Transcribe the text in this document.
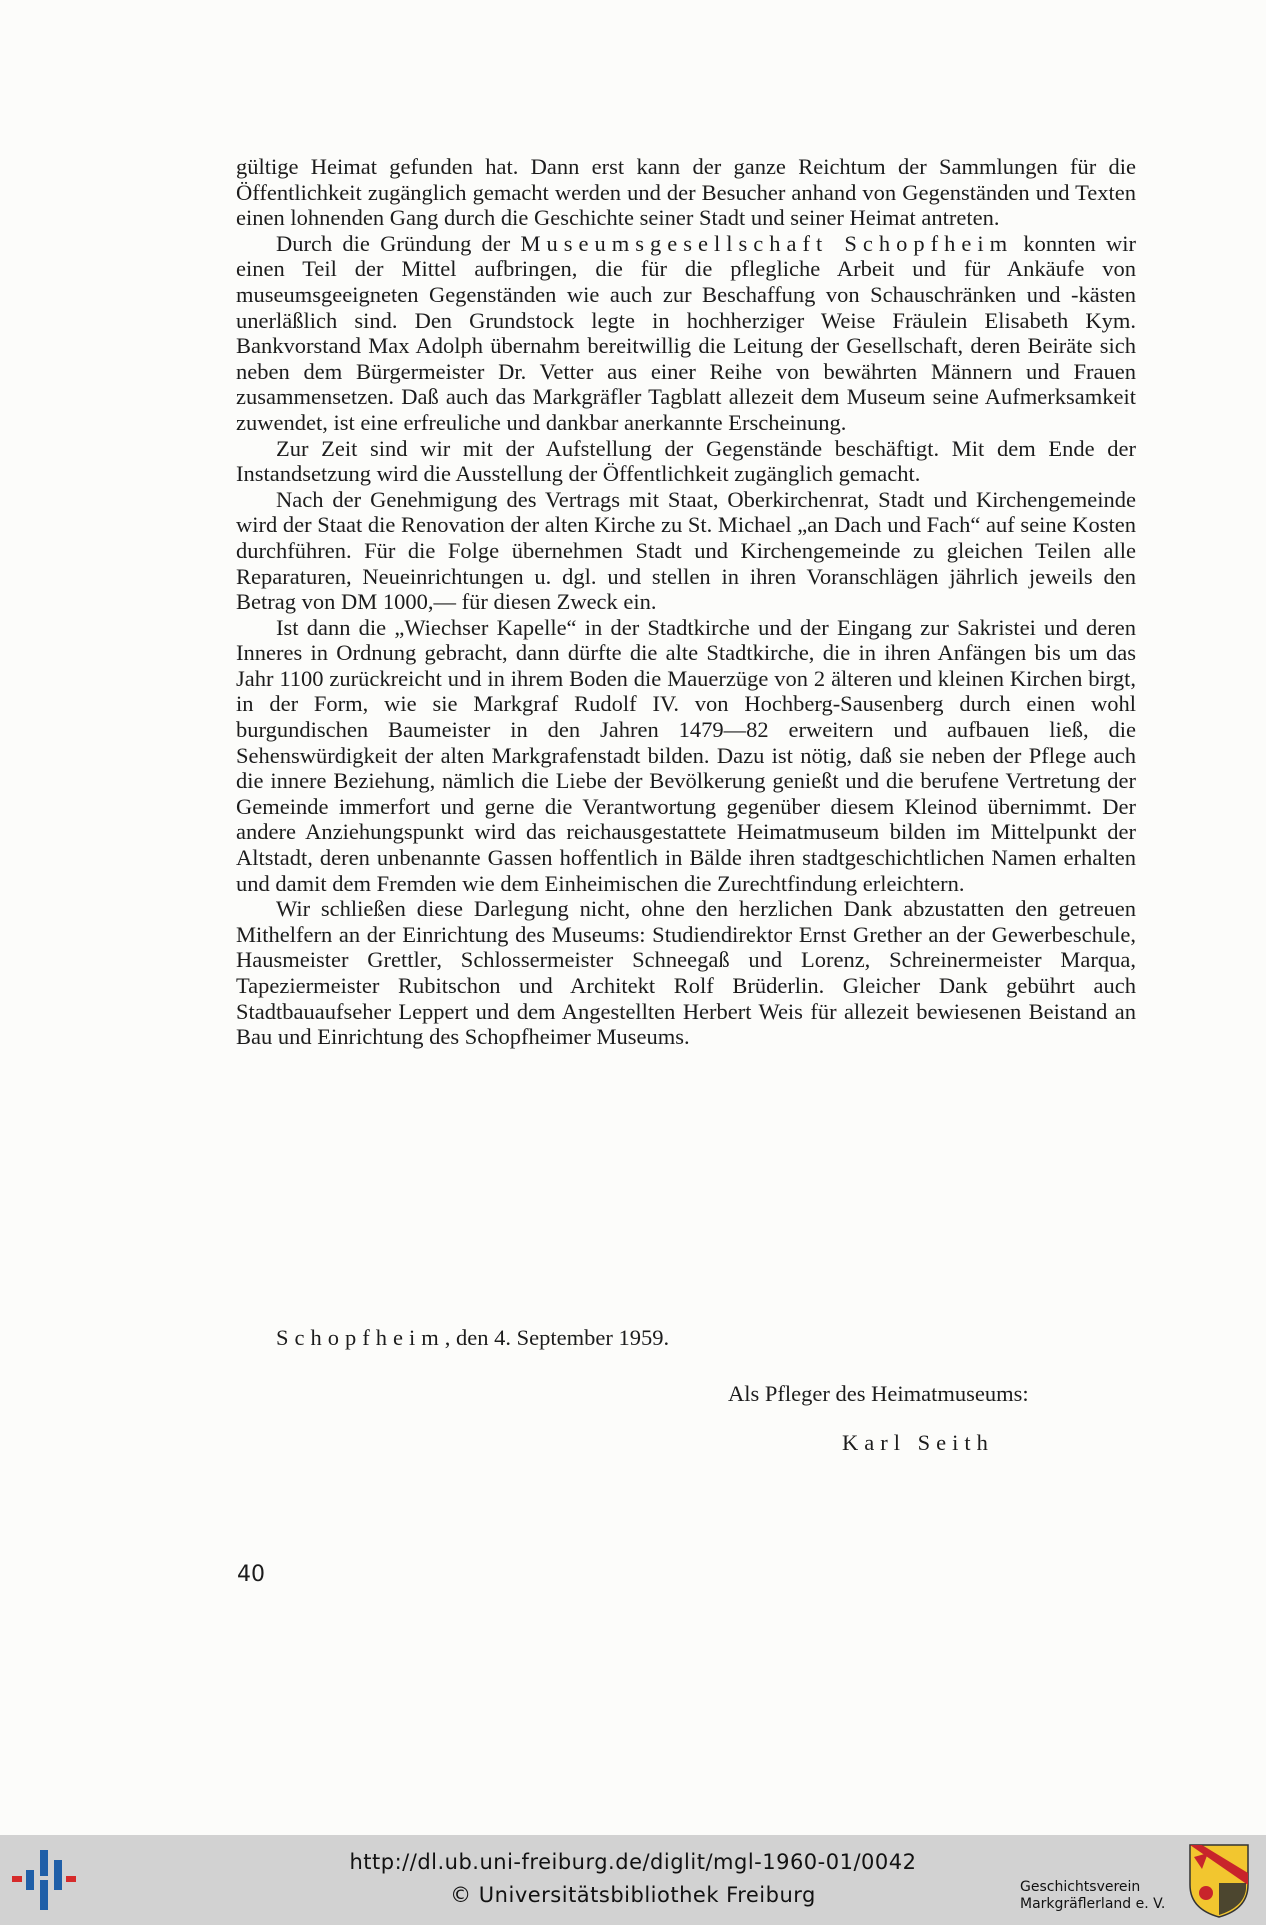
gültige Heimat gefunden hat. Dann erst kann der ganze Reichtum der Sammlungen für die Öffentlichkeit zugänglich gemacht werden und der Besucher anhand von Gegenständen und Texten einen lohnenden Gang durch die Geschichte seiner Stadt und seiner Heimat antreten.

Durch die Gründung der Museumsgesellschaft Schopfheim konnten wir einen Teil der Mittel aufbringen, die für die pflegliche Arbeit und für Ankäufe von museumsgeeigneten Gegenständen wie auch zur Beschaffung von Schauschränken und -kästen unerläßlich sind. Den Grundstock legte in hochherziger Weise Fräulein Elisabeth Kym. Bankvorstand Max Adolph übernahm bereitwillig die Leitung der Gesellschaft, deren Beiräte sich neben dem Bürgermeister Dr. Vetter aus einer Reihe von bewährten Männern und Frauen zusammensetzen. Daß auch das Markgräfler Tagblatt allezeit dem Museum seine Aufmerksamkeit zuwendet, ist eine erfreuliche und dankbar anerkannte Erscheinung.

Zur Zeit sind wir mit der Aufstellung der Gegenstände beschäftigt. Mit dem Ende der Instandsetzung wird die Ausstellung der Öffentlichkeit zugänglich gemacht.

Nach der Genehmigung des Vertrags mit Staat, Oberkirchenrat, Stadt und Kirchengemeinde wird der Staat die Renovation der alten Kirche zu St. Michael „an Dach und Fach“ auf seine Kosten durchführen. Für die Folge übernehmen Stadt und Kirchengemeinde zu gleichen Teilen alle Reparaturen, Neueinrichtungen u. dgl. und stellen in ihren Voranschlägen jährlich jeweils den Betrag von DM 1000,— für diesen Zweck ein.

Ist dann die „Wiechser Kapelle“ in der Stadtkirche und der Eingang zur Sakristei und deren Inneres in Ordnung gebracht, dann dürfte die alte Stadtkirche, die in ihren Anfängen bis um das Jahr 1100 zurückreicht und in ihrem Boden die Mauerzüge von 2 älteren und kleinen Kirchen birgt, in der Form, wie sie Markgraf Rudolf IV. von Hochberg-Sausenberg durch einen wohl burgundischen Baumeister in den Jahren 1479—82 erweitern und aufbauen ließ, die Sehenswürdigkeit der alten Markgrafenstadt bilden. Dazu ist nötig, daß sie neben der Pflege auch die innere Beziehung, nämlich die Liebe der Bevölkerung genießt und die berufene Vertretung der Gemeinde immerfort und gerne die Verantwortung gegenüber diesem Kleinod übernimmt. Der andere Anziehungspunkt wird das reichausgestattete Heimatmuseum bilden im Mittelpunkt der Altstadt, deren unbenannte Gassen hoffentlich in Bälde ihren stadtgeschichtlichen Namen erhalten und damit dem Fremden wie dem Einheimischen die Zurechtfindung erleichtern.

Wir schließen diese Darlegung nicht, ohne den herzlichen Dank abzustatten den getreuen Mithelfern an der Einrichtung des Museums: Studiendirektor Ernst Grether an der Gewerbeschule, Hausmeister Grettler, Schlossermeister Schneegaß und Lorenz, Schreinermeister Marqua, Tapeziermeister Rubitschon und Architekt Rolf Brüderlin. Gleicher Dank gebührt auch Stadtbauaufseher Leppert und dem Angestellten Herbert Weis für allezeit bewiesenen Beistand an Bau und Einrichtung des Schopfheimer Museums.

Schopfheim, den 4. September 1959.
Als Pfleger des Heimatmuseums:
Karl Seith
40
http://dl.ub.uni-freiburg.de/diglit/mgl-1960-01/0042
© Universitätsbibliothek Freiburg	Geschichtsverein
Markgräflerland e. V.
